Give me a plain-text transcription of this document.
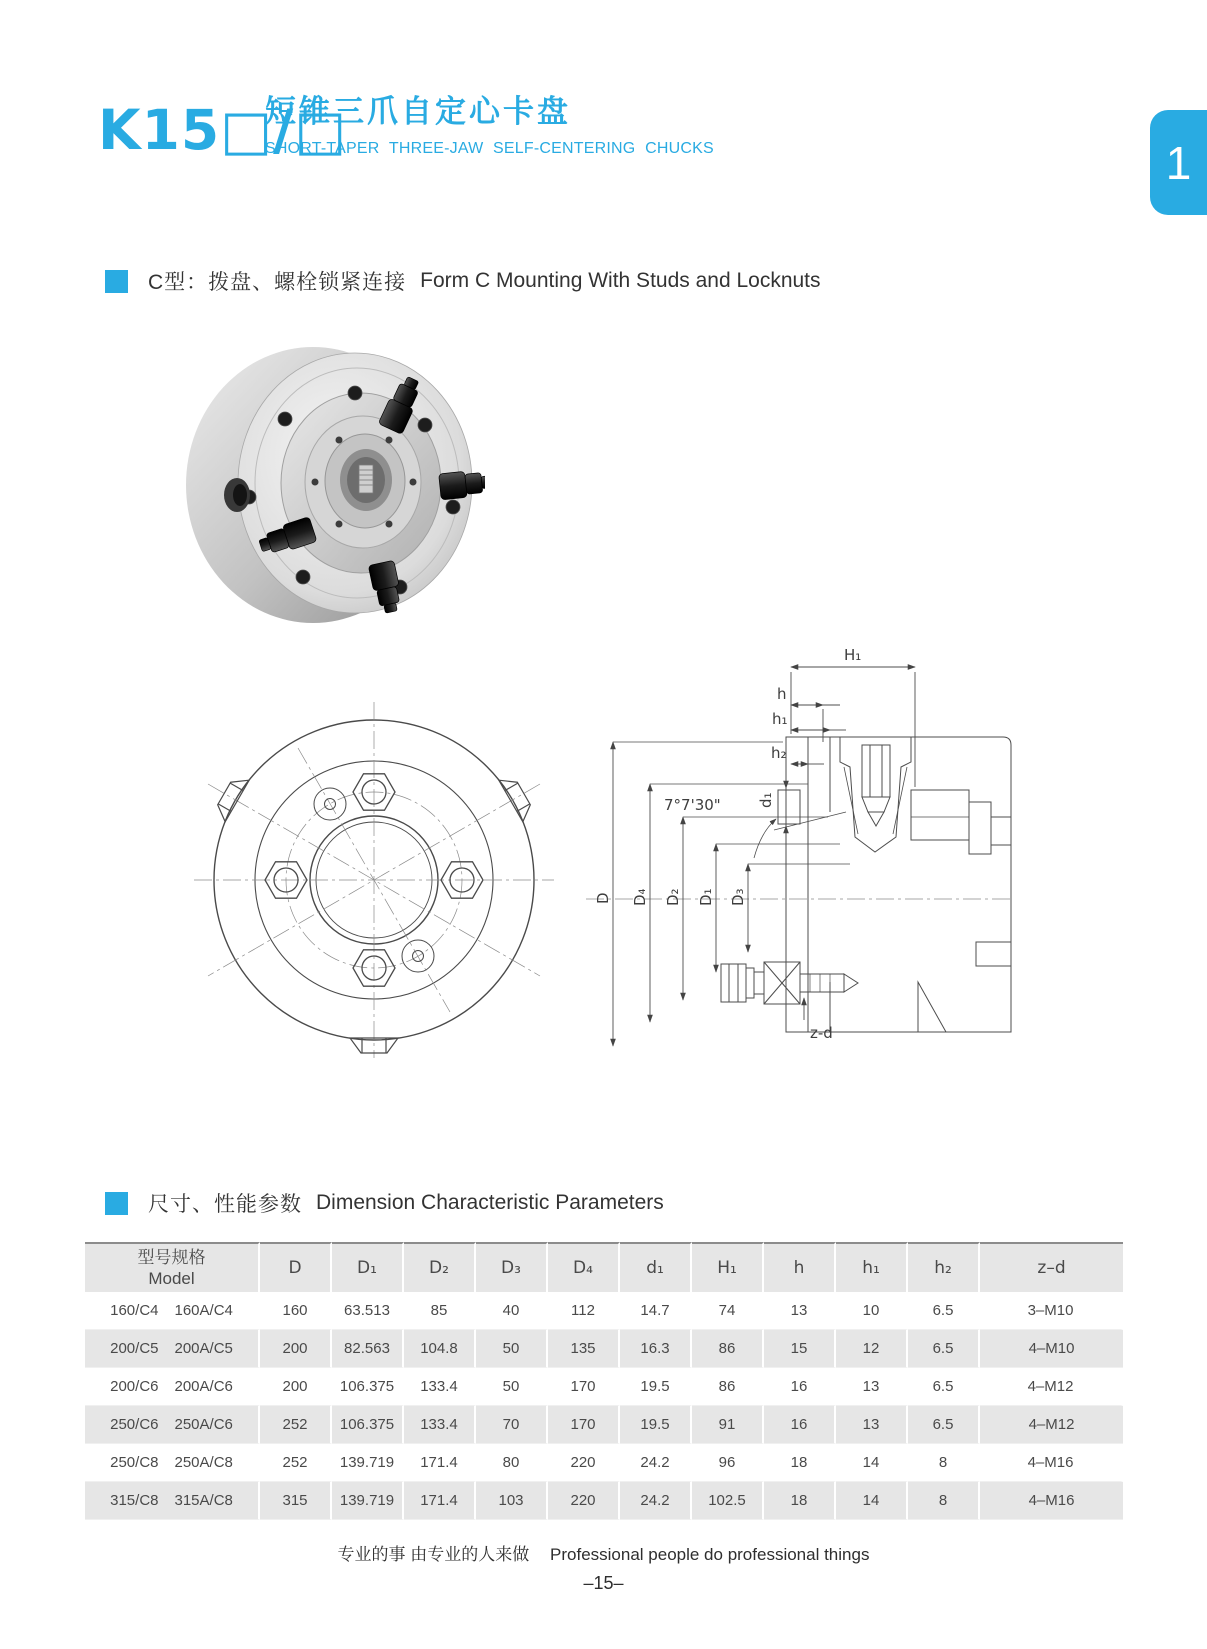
K15□/□
短锥三爪自定心卡盘
SHORT-TAPER THREE-JAW SELF-CENTERING CHUCKS	1
C型：拨盘、螺栓锁紧连接 Form C Mounting With Studs and Locknuts
H₁
h
h₁
h₂
7°7'30" d₁
D D₄ D₂ D₁ D₃
z-d
尺寸、性能参数 Dimension Characteristic Parameters
型号规格
Model	D	D₁	D₂	D₃	D₄	d₁	H₁	h	h₁	h₂	z–d
160/C4 160A/C4	160	63.513	85	40	112	14.7	74	13	10	6.5	3–M10
200/C5 200A/C5	200	82.563	104.8	50	135	16.3	86	15	12	6.5	4–M10
200/C6 200A/C6	200	106.375	133.4	50	170	19.5	86	16	13	6.5	4–M12
250/C6 250A/C6	252	106.375	133.4	70	170	19.5	91	16	13	6.5	4–M12
250/C8 250A/C8	252	139.719	171.4	80	220	24.2	96	18	14	8	4–M16
315/C8 315A/C8	315	139.719	171.4	103	220	24.2	102.5	18	14	8	4–M16
专业的事 由专业的人来做 Professional people do professional things
–15–
